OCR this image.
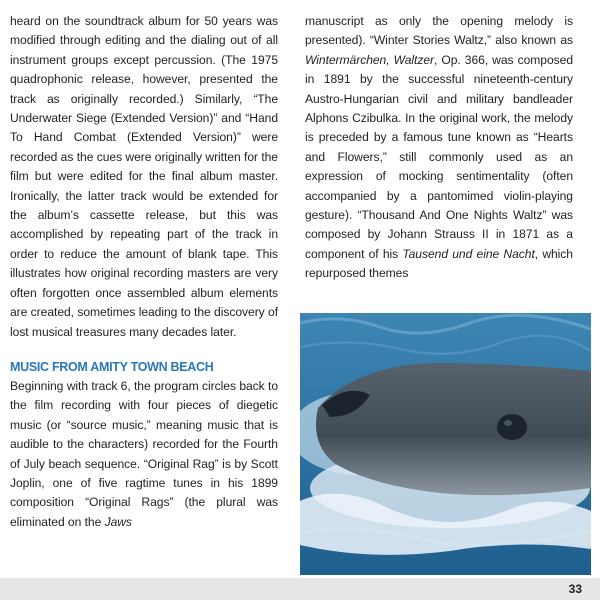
heard on the soundtrack album for 50 years was modified through editing and the dialing out of all instrument groups except percussion. (The 1975 quadrophonic release, however, presented the track as originally recorded.) Similarly, “The Underwater Siege (Extended Version)” and “Hand To Hand Combat (Extended Version)” were recorded as the cues were originally written for the film but were edited for the final album master. Ironically, the latter track would be extended for the album’s cassette release, but this was accomplished by repeating part of the track in order to reduce the amount of blank tape. This illustrates how original recording masters are very often forgotten once assembled album elements are created, sometimes leading to the discovery of lost musical treasures many decades later.

MUSIC FROM AMITY TOWN BEACH

Beginning with track 6, the program circles back to the film recording with four pieces of diegetic music (or “source music,” meaning music that is audible to the characters) recorded for the Fourth of July beach sequence. “Original Rag” is by Scott Joplin, one of five ragtime tunes in his 1899 composition “Original Rags” (the plural was eliminated on the Jaws

manuscript as only the opening melody is presented). “Winter Stories Waltz,” also known as Wintermärchen, Waltzer, Op. 366, was composed in 1891 by the successful nineteenth-century Austro-Hungarian civil and military bandleader Alphons Czibulka. In the original work, the melody is preceded by a famous tune known as “Hearts and Flowers,” still commonly used as an expression of mocking sentimentality (often accompanied by a pantomimed violin-playing gesture). “Thousand And One Nights Waltz” was composed by Johann Strauss II in 1871 as a component of his Tausend und eine Nacht, which repurposed themes

33
